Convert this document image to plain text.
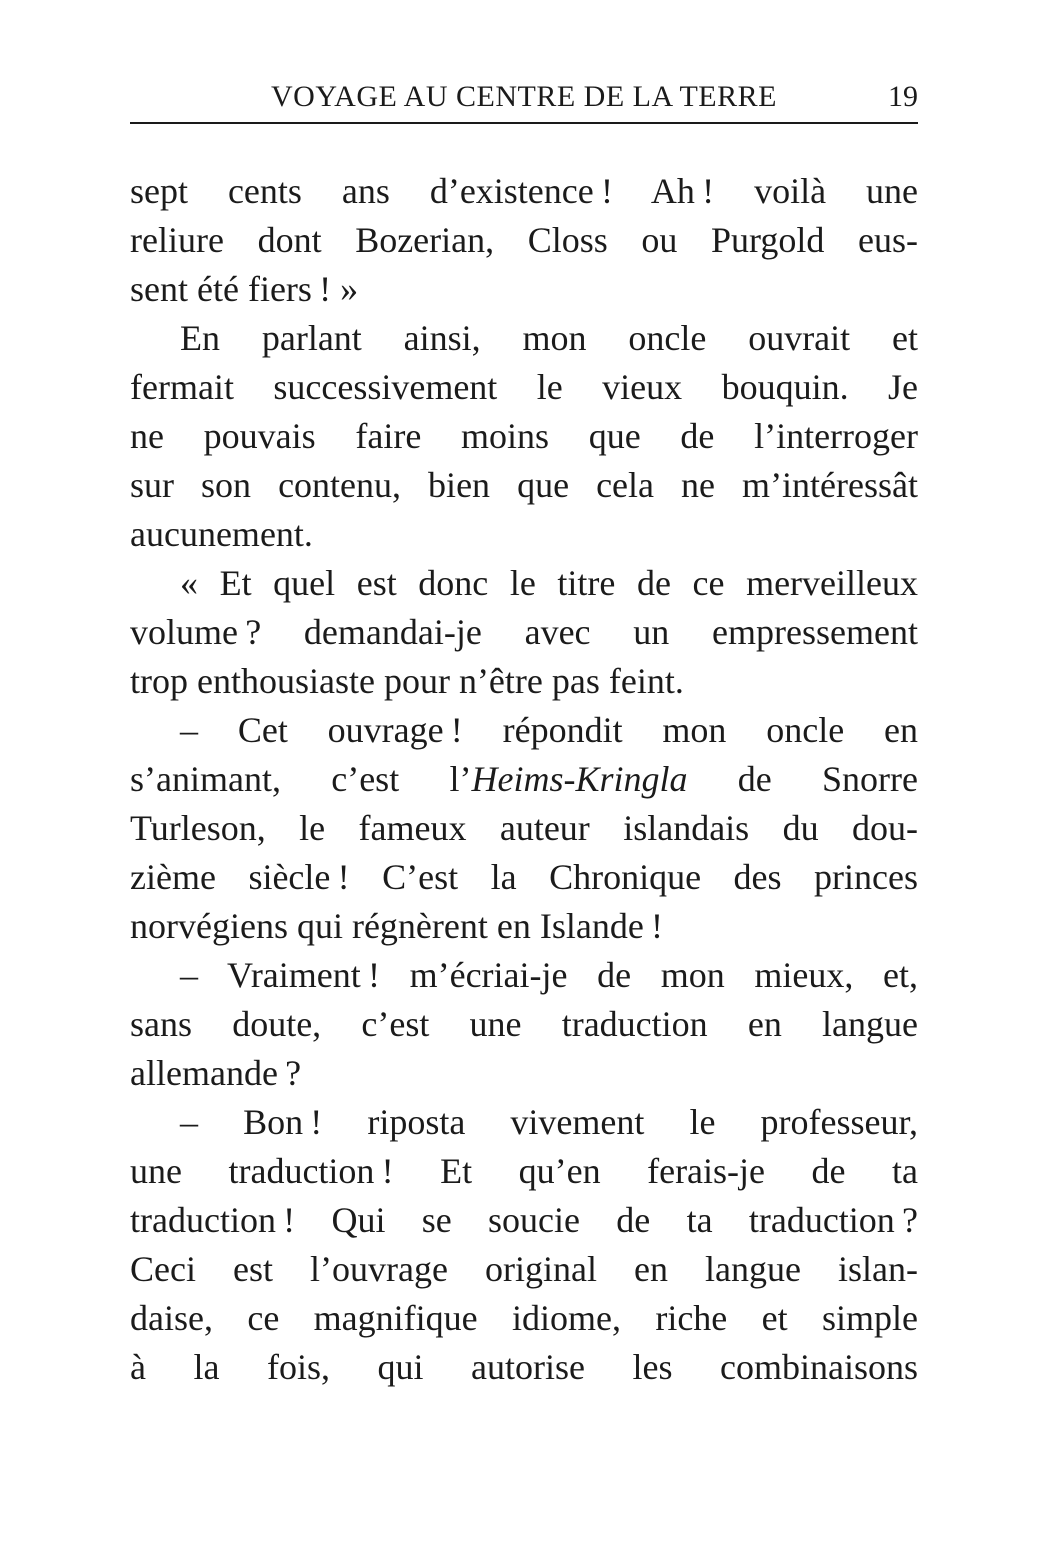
VOYAGE AU CENTRE DE LA TERRE	19
sept cents ans d’existence ! Ah ! voilà une
reliure dont Bozerian, Closs ou Purgold eus-
sent été fiers ! »
En parlant ainsi, mon oncle ouvrait et
fermait successivement le vieux bouquin. Je
ne pouvais faire moins que de l’interroger
sur son contenu, bien que cela ne m’intéressât
aucunement.
« Et quel est donc le titre de ce merveilleux
volume ? demandai-je avec un empressement
trop enthousiaste pour n’être pas feint.
– Cet ouvrage ! répondit mon oncle en
s’animant, c’est l’Heims-Kringla de Snorre
Turleson, le fameux auteur islandais du dou-
zième siècle ! C’est la Chronique des princes
norvégiens qui régnèrent en Islande !
– Vraiment ! m’écriai-je de mon mieux, et,
sans doute, c’est une traduction en langue
allemande ?
– Bon ! riposta vivement le professeur,
une traduction ! Et qu’en ferais-je de ta
traduction ! Qui se soucie de ta traduction ?
Ceci est l’ouvrage original en langue islan-
daise, ce magnifique idiome, riche et simple
à la fois, qui autorise les combinaisons
